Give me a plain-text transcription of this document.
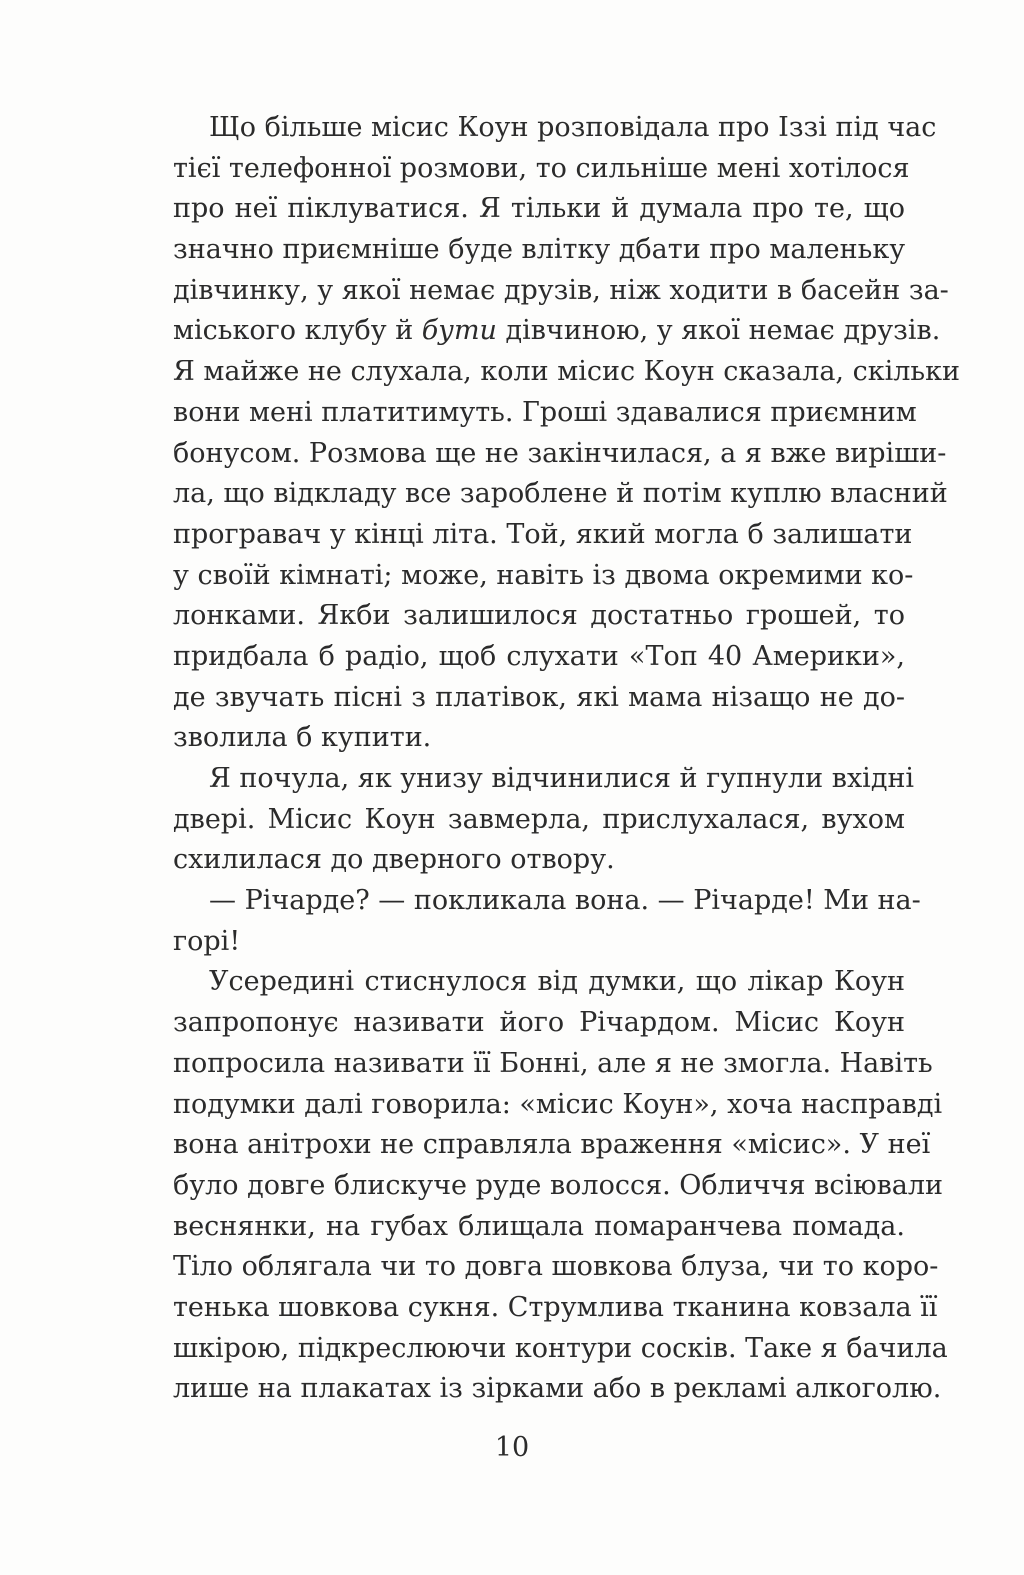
Що більше місис Коун розповідала про Іззі під час
тієї телефонної розмови, то сильніше мені хотілося
про неї піклуватися. Я тільки й думала про те, що
значно приємніше буде влітку дбати про маленьку
дівчинку, у якої немає друзів, ніж ходити в басейн за-
міського клубу й бути дівчиною, у якої немає друзів.
Я майже не слухала, коли місис Коун сказала, скільки
вони мені платитимуть. Гроші здавалися приємним
бонусом. Розмова ще не закінчилася, а я вже виріши-
ла, що відкладу все зароблене й потім куплю власний
програвач у кінці літа. Той, який могла б залишати
у своїй кімнаті; може, навіть із двома окремими ко-
лонками. Якби залишилося достатньо грошей, то
придбала б радіо, щоб слухати «Топ 40 Америки»,
де звучать пісні з платівок, які мама нізащо не до-
зволила б купити.
Я почула, як унизу відчинилися й гупнули вхідні
двері. Місис Коун завмерла, прислухалася, вухом
схилилася до дверного отвору.
— Річарде? — покликала вона. — Річарде! Ми на-
горі!
Усередині стиснулося від думки, що лікар Коун
запропонує називати його Річардом. Місис Коун
попросила називати її Бонні, але я не змогла. Навіть
подумки далі говорила: «місис Коун», хоча насправді
вона анітрохи не справляла враження «місис». У неї
було довге блискуче руде волосся. Обличчя всіювали
веснянки, на губах блищала помаранчева помада.
Тіло облягала чи то довга шовкова блуза, чи то коро-
тенька шовкова сукня. Струмлива тканина ковзала її
шкірою, підкреслюючи контури сосків. Таке я бачила
лише на плакатах із зірками або в рекламі алкоголю.
10
